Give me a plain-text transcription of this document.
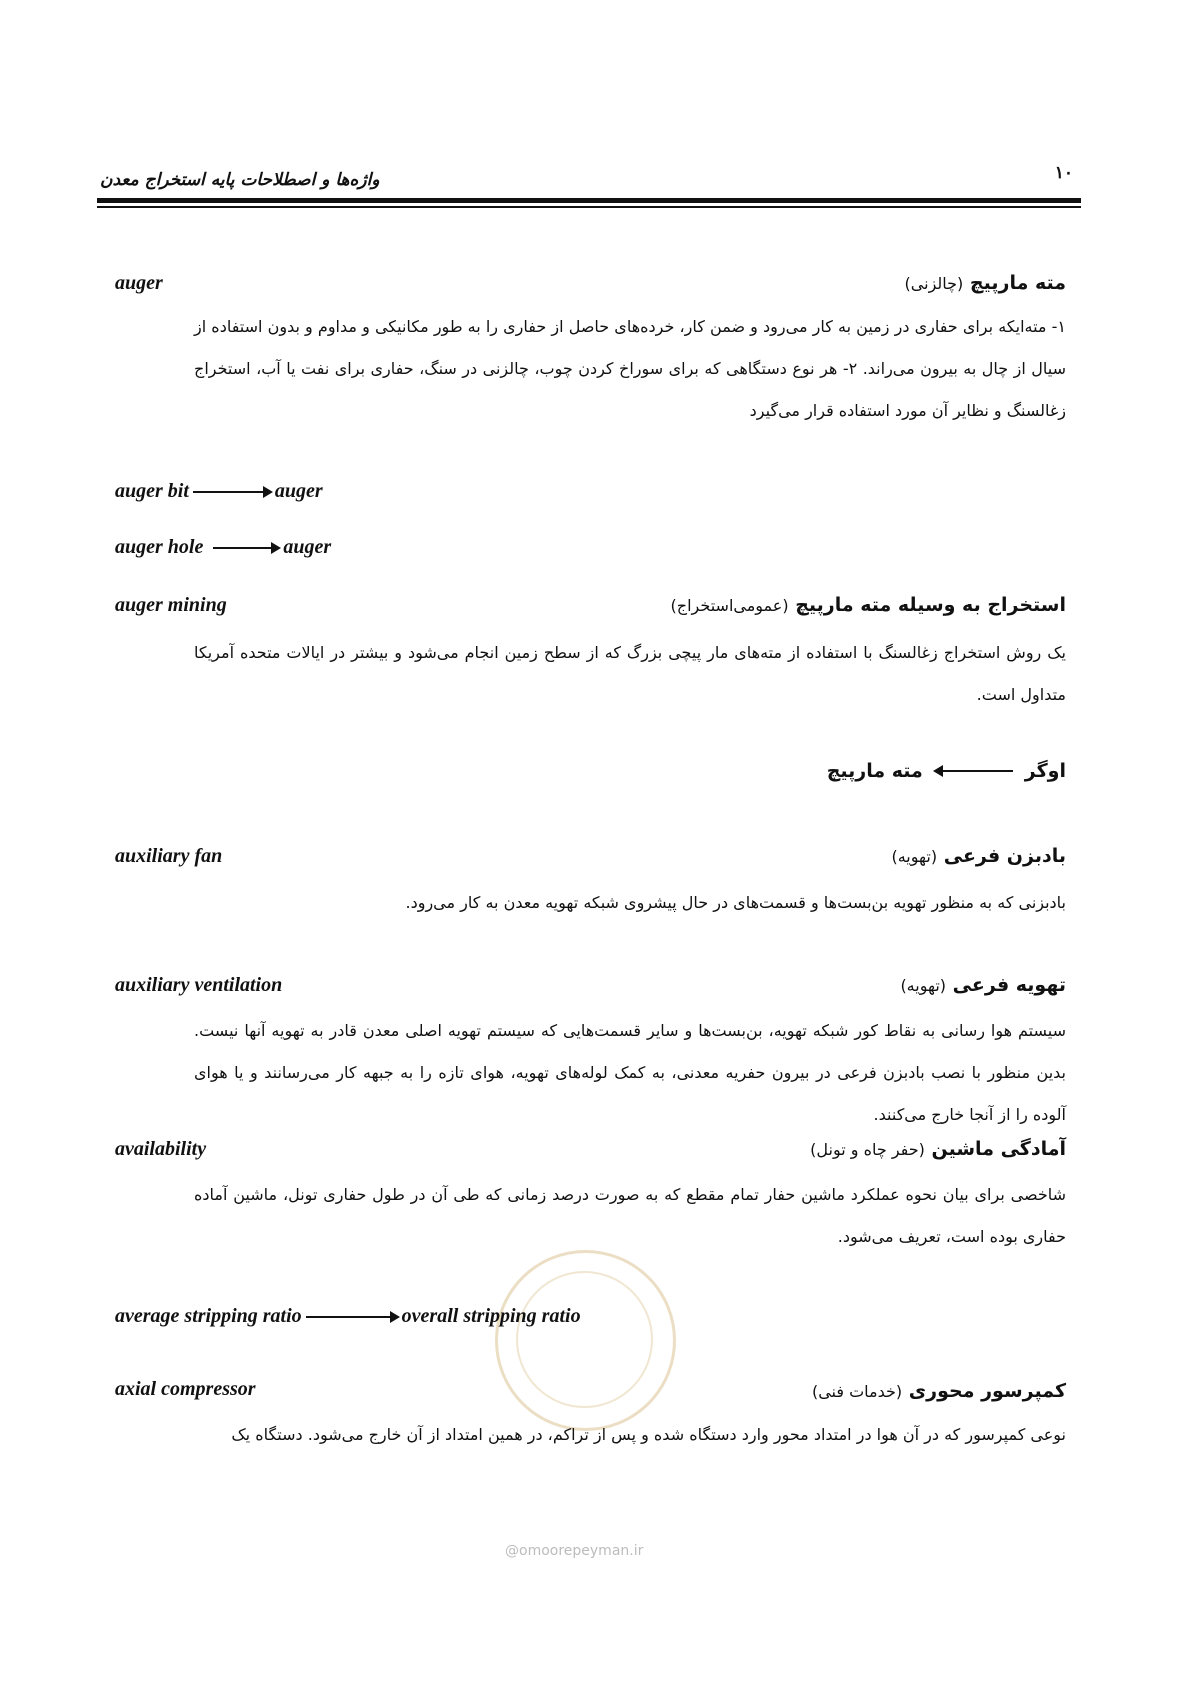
واژه‌ها و اصطلاحات پایه استخراج معدن	۱۰
auger	مته مارپیچ (چالزنی)
۱- مته‌ایکه برای حفاری در زمین به کار می‌رود و ضمن کار، خرده‌های حاصل از حفاری را به طور مکانیکی و مداوم و بدون استفاده از سیال از چال به بیرون می‌راند. ۲- هر نوع دستگاهی که برای سوراخ کردن چوب، چالزنی در سنگ، حفاری برای نفت یا آب، استخراج زغالسنگ و نظایر آن مورد استفاده قرار می‌گیرد
auger bit	auger
auger hole	auger
auger mining	استخراج به وسیله مته مارپیچ (عمومی‌استخراج)
یک روش استخراج زغالسنگ با استفاده از مته‌های مار پیچی بزرگ که از سطح زمین انجام می‌شود و بیشتر در ایالات متحده آمریکا متداول است.
اوگر
مته مارپیچ
auxiliary fan	بادبزن فرعی (تهویه)
بادبزنی که به منظور تهویه بن‌بست‌ها و قسمت‌های در حال پیشروی شبکه تهویه معدن به کار می‌رود.
auxiliary ventilation	تهویه فرعی (تهویه)
سیستم هوا رسانی به نقاط کور شبکه تهویه، بن‌بست‌ها و سایر قسمت‌هایی که سیستم تهویه اصلی معدن قادر به تهویه آنها نیست. بدین منظور با نصب بادبزن فرعی در بیرون حفریه معدنی، به کمک لوله‌های تهویه، هوای تازه را به جبهه کار می‌رسانند و یا هوای آلوده را از آنجا خارج می‌کنند.
availability	آمادگی ماشین (حفر چاه و تونل)
شاخصی برای بیان نحوه عملکرد ماشین حفار تمام مقطع که به صورت درصد زمانی که طی آن در طول حفاری تونل، ماشین آماده حفاری بوده است، تعریف می‌شود.
average stripping ratio	overall stripping ratio
axial compressor	کمپرسور محوری (خدمات فنی)
نوعی کمپرسور که در آن هوا در امتداد محور وارد دستگاه شده و پس از تراکم، در همین امتداد از آن خارج می‌شود. دستگاه یک
@omoorepeyman.ir
